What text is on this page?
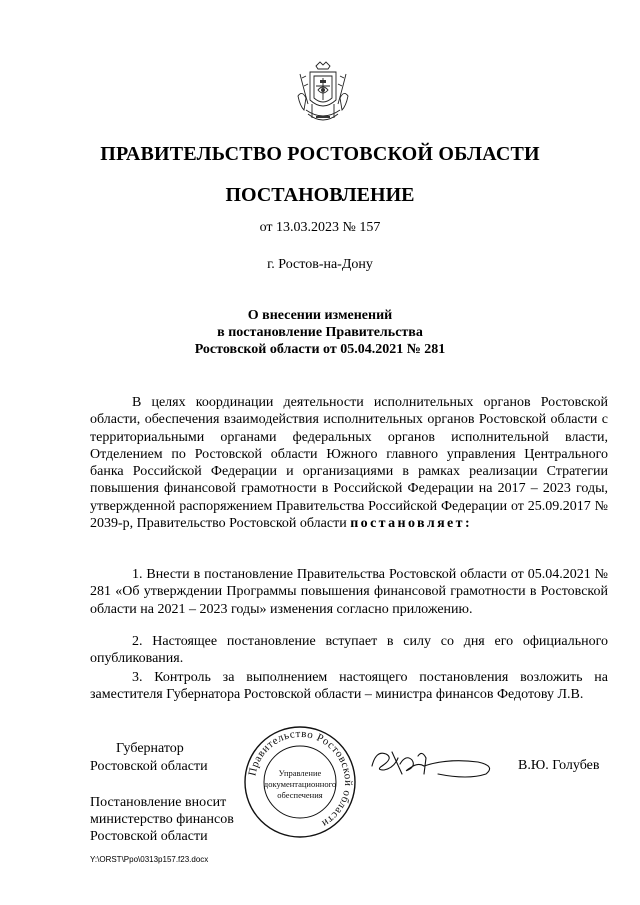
ПРАВИТЕЛЬСТВО РОСТОВСКОЙ ОБЛАСТИ
ПОСТАНОВЛЕНИЕ
от 13.03.2023 № 157
г. Ростов-на-Дону
О внесении изменений
в постановление Правительства
Ростовской области от 05.04.2021 № 281

В целях координации деятельности исполнительных органов Ростовской области, обеспечения взаимодействия исполнительных органов Ростовской области с территориальными органами федеральных органов исполнительной власти, Отделением по Ростовской области Южного главного управления Центрального банка Российской Федерации и организациями в рамках реализации Стратегии повышения финансовой грамотности в Российской Федерации на 2017 – 2023 годы, утвержденной распоряжением Правительства Российской Федерации от 25.09.2017 № 2039-р, Правительство Ростовской области постановляет:

1. Внести в постановление Правительства Ростовской области от 05.04.2021 № 281 «Об утверждении Программы повышения финансовой грамотности в Ростовской области на 2021 – 2023 годы» изменения согласно приложению.

2. Настоящее постановление вступает в силу со дня его официального опубликования.

3. Контроль за выполнением настоящего постановления возложить на заместителя Губернатора Ростовской области – министра финансов Федотову Л.В.

Губернатор
Ростовской области	Правительство Ростовской области
Управление
документационного
обеспечения
В.Ю. Голубев
Постановление вносит
министерство финансов
Ростовской области
Y:\ORST\Ppo\0313p157.f23.docx
